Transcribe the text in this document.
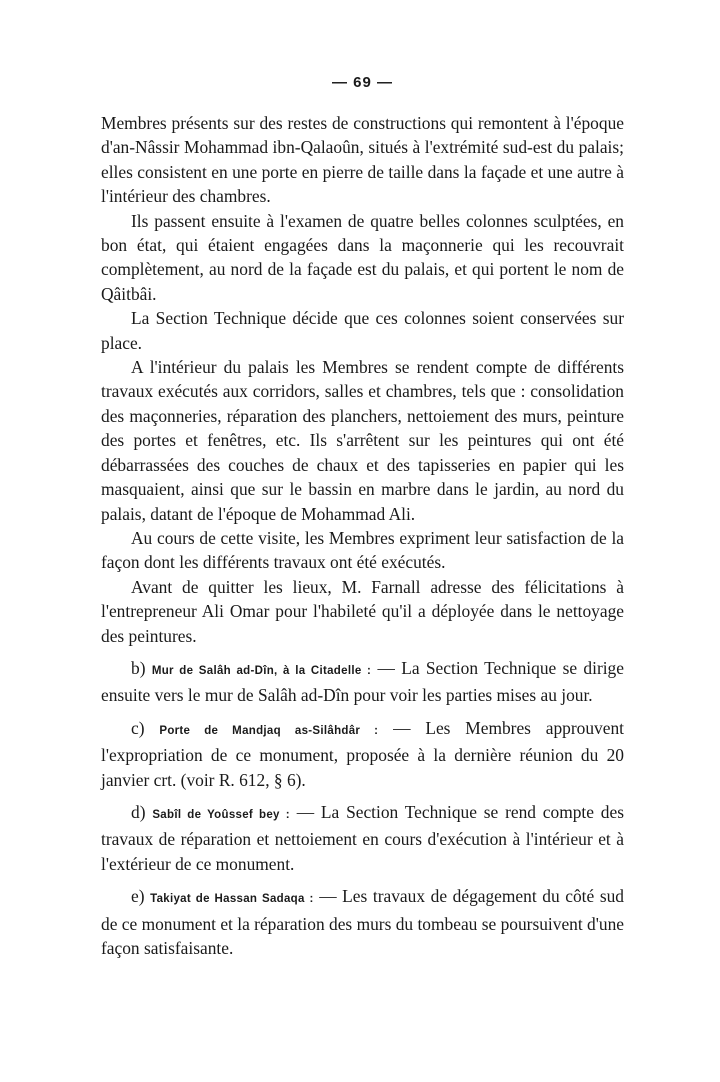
— 69 —

Membres présents sur des restes de constructions qui remontent à l'époque d'an-Nâssir Mohammad ibn-Qalaoûn, situés à l'extrémité sud-est du palais; elles consistent en une porte en pierre de taille dans la façade et une autre à l'intérieur des chambres.

Ils passent ensuite à l'examen de quatre belles colonnes sculptées, en bon état, qui étaient engagées dans la maçonnerie qui les recouvrait complètement, au nord de la façade est du palais, et qui portent le nom de Qâitbâi.

La Section Technique décide que ces colonnes soient conservées sur place.

A l'intérieur du palais les Membres se rendent compte de différents travaux exécutés aux corridors, salles et chambres, tels que : consolidation des maçonneries, réparation des planchers, nettoiement des murs, peinture des portes et fenêtres, etc. Ils s'arrêtent sur les peintures qui ont été débarrassées des couches de chaux et des tapisseries en papier qui les masquaient, ainsi que sur le bassin en marbre dans le jardin, au nord du palais, datant de l'époque de Mohammad Ali.

Au cours de cette visite, les Membres expriment leur satisfaction de la façon dont les différents travaux ont été exécutés.

Avant de quitter les lieux, M. Farnall adresse des félicitations à l'entrepreneur Ali Omar pour l'habileté qu'il a déployée dans le nettoyage des peintures.

b) Mur de Salâh ad-Dîn, à la Citadelle : — La Section Technique se dirige ensuite vers le mur de Salâh ad-Dîn pour voir les parties mises au jour.

c) Porte de Mandjaq as-Silâhdâr : — Les Membres approuvent l'expropriation de ce monument, proposée à la dernière réunion du 20 janvier crt. (voir R. 612, § 6).

d) Sabîl de Yoûssef bey : — La Section Technique se rend compte des travaux de réparation et nettoiement en cours d'exécution à l'intérieur et à l'extérieur de ce monument.

e) Takiyat de Hassan Sadaqa : — Les travaux de dégagement du côté sud de ce monument et la réparation des murs du tombeau se poursuivent d'une façon satisfaisante.
